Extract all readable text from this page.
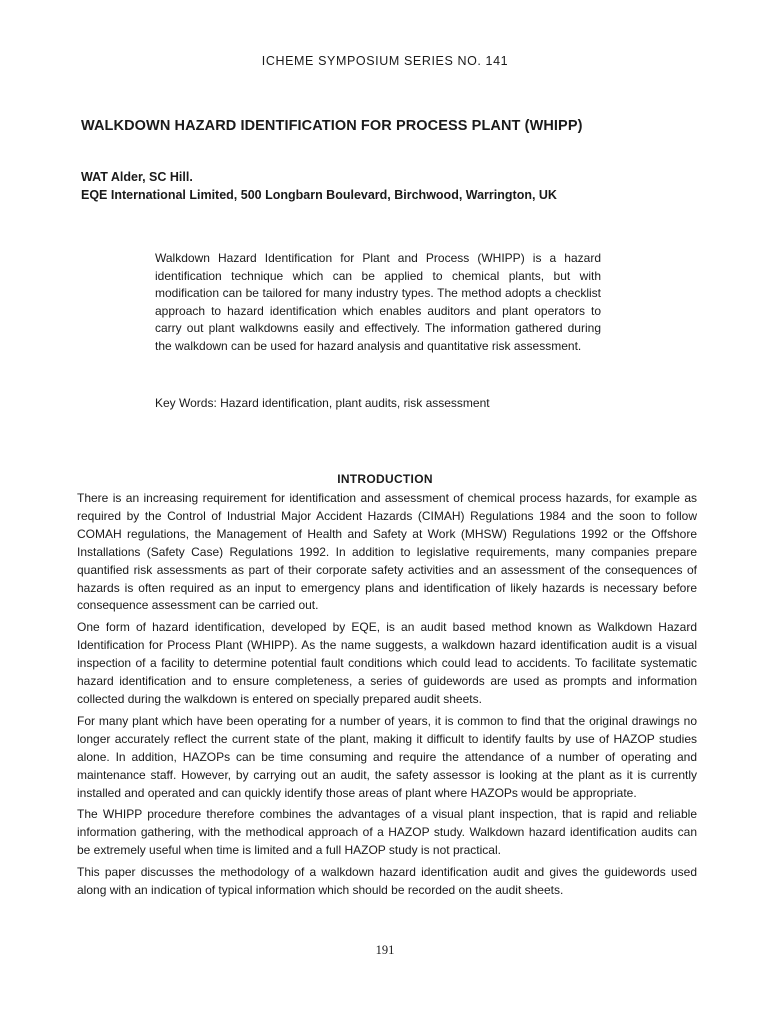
ICHEME SYMPOSIUM SERIES NO. 141
WALKDOWN HAZARD IDENTIFICATION FOR PROCESS PLANT (WHIPP)
WAT Alder, SC Hill.
EQE International Limited, 500 Longbarn Boulevard, Birchwood, Warrington, UK
Walkdown Hazard Identification for Plant and Process (WHIPP) is a hazard identification technique which can be applied to chemical plants, but with modification can be tailored for many industry types. The method adopts a checklist approach to hazard identification which enables auditors and plant operators to carry out plant walkdowns easily and effectively. The information gathered during the walkdown can be used for hazard analysis and quantitative risk assessment.
Key Words: Hazard identification, plant audits, risk assessment
INTRODUCTION

There is an increasing requirement for identification and assessment of chemical process hazards, for example as required by the Control of Industrial Major Accident Hazards (CIMAH) Regulations 1984 and the soon to follow COMAH regulations, the Management of Health and Safety at Work (MHSW) Regulations 1992 or the Offshore Installations (Safety Case) Regulations 1992. In addition to legislative requirements, many companies prepare quantified risk assessments as part of their corporate safety activities and an assessment of the consequences of hazards is often required as an input to emergency plans and identification of likely hazards is necessary before consequence assessment can be carried out.

One form of hazard identification, developed by EQE, is an audit based method known as Walkdown Hazard Identification for Process Plant (WHIPP). As the name suggests, a walkdown hazard identification audit is a visual inspection of a facility to determine potential fault conditions which could lead to accidents. To facilitate systematic hazard identification and to ensure completeness, a series of guidewords are used as prompts and information collected during the walkdown is entered on specially prepared audit sheets.

For many plant which have been operating for a number of years, it is common to find that the original drawings no longer accurately reflect the current state of the plant, making it difficult to identify faults by use of HAZOP studies alone. In addition, HAZOPs can be time consuming and require the attendance of a number of operating and maintenance staff. However, by carrying out an audit, the safety assessor is looking at the plant as it is currently installed and operated and can quickly identify those areas of plant where HAZOPs would be appropriate.

The WHIPP procedure therefore combines the advantages of a visual plant inspection, that is rapid and reliable information gathering, with the methodical approach of a HAZOP study. Walkdown hazard identification audits can be extremely useful when time is limited and a full HAZOP study is not practical.

This paper discusses the methodology of a walkdown hazard identification audit and gives the guidewords used along with an indication of typical information which should be recorded on the audit sheets.

191
